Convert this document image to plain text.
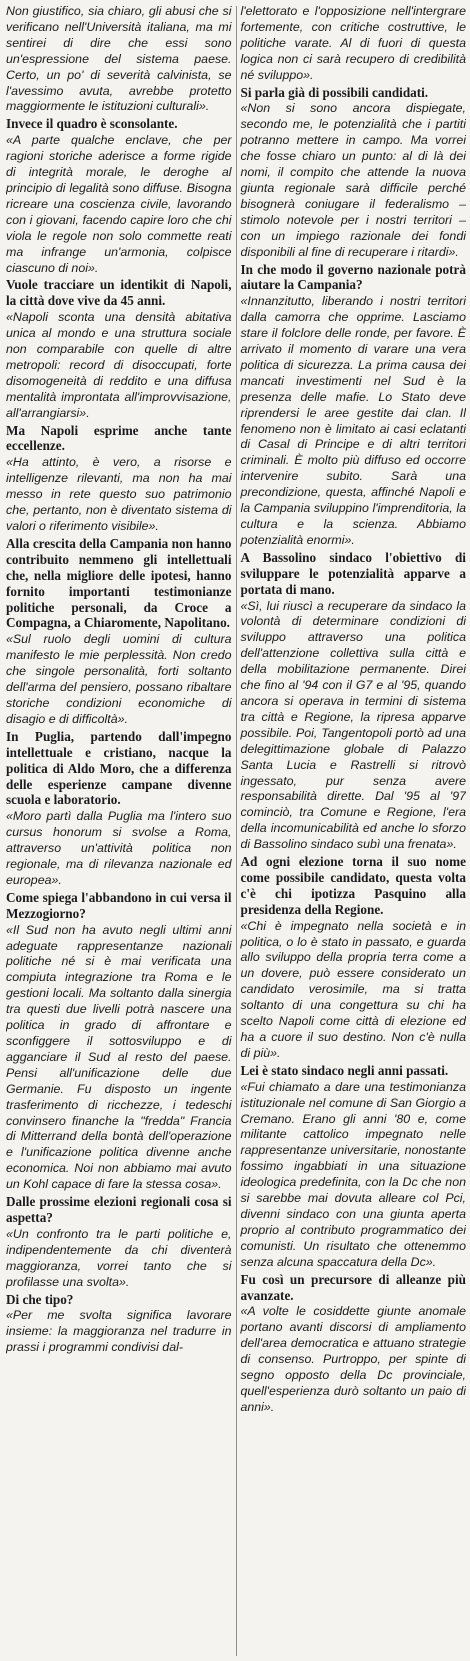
Non giustifico, sia chiaro, gli abusi che si verificano nell'Università italiana, ma mi sentirei di dire che essi sono un'espressione del sistema paese. Certo, un po' di severità calvinista, se l'avessimo avuta, avrebbe protetto maggiormente le istituzioni culturali».

Invece il quadro è sconsolante.

«A parte qualche enclave, che per ragioni storiche aderisce a forme rigide di integrità morale, le deroghe al principio di legalità sono diffuse. Bisogna ricreare una coscienza civile, lavorando con i giovani, facendo capire loro che chi viola le regole non solo commette reati ma infrange un'armonia, colpisce ciascuno di noi».

Vuole tracciare un identikit di Napoli, la città dove vive da 45 anni.

«Napoli sconta una densità abitativa unica al mondo e una struttura sociale non comparabile con quelle di altre metropoli: record di disoccupati, forte disomogeneità di reddito e una diffusa mentalità improntata all'improvvisazione, all'arrangiarsi».

Ma Napoli esprime anche tante eccellenze.

«Ha attinto, è vero, a risorse e intelligenze rilevanti, ma non ha mai messo in rete questo suo patrimonio che, pertanto, non è diventato sistema di valori o riferimento visibile».

Alla crescita della Campania non hanno contribuito nemmeno gli intellettuali che, nella migliore delle ipotesi, hanno fornito importanti testimonianze politiche personali, da Croce a Compagna, a Chiaromente, Napolitano.

«Sul ruolo degli uomini di cultura manifesto le mie perplessità. Non credo che singole personalità, forti soltanto dell'arma del pensiero, possano ribaltare storiche condizioni economiche di disagio e di difficoltà».

In Puglia, partendo dall'impegno intellettuale e cristiano, nacque la politica di Aldo Moro, che a differenza delle esperienze campane divenne scuola e laboratorio.

«Moro partì dalla Puglia ma l'intero suo cursus honorum si svolse a Roma, attraverso un'attività politica non regionale, ma di rilevanza nazionale ed europea».

Come spiega l'abbandono in cui versa il Mezzogiorno?

«Il Sud non ha avuto negli ultimi anni adeguate rappresentanze nazionali politiche né si è mai verificata una compiuta integrazione tra Roma e le gestioni locali. Ma soltanto dalla sinergia tra questi due livelli potrà nascere una politica in grado di affrontare e sconfiggere il sottosviluppo e di agganciare il Sud al resto del paese. Pensi all'unificazione delle due Germanie. Fu disposto un ingente trasferimento di ricchezze, i tedeschi convinsero finanche la "fredda" Francia di Mitterrand della bontà dell'operazione e l'unificazione politica divenne anche economica. Noi non abbiamo mai avuto un Kohl capace di fare la stessa cosa».

Dalle prossime elezioni regionali cosa si aspetta?

«Un confronto tra le parti politiche e, indipendentemente da chi diventerà maggioranza, vorrei tanto che si profilasse una svolta».

Di che tipo?

«Per me svolta significa lavorare insieme: la maggioranza nel tradurre in prassi i programmi condivisi dal-

l'elettorato e l'opposizione nell'intergrare fortemente, con critiche costruttive, le politiche varate. Al di fuori di questa logica non ci sarà recupero di credibilità né sviluppo».

Si parla già di possibili candidati.

«Non si sono ancora dispiegate, secondo me, le potenzialità che i partiti potranno mettere in campo. Ma vorrei che fosse chiaro un punto: al di là dei nomi, il compito che attende la nuova giunta regionale sarà difficile perché bisognerà coniugare il federalismo – stimolo notevole per i nostri territori – con un impiego razionale dei fondi disponibili al fine di recuperare i ritardi».

In che modo il governo nazionale potrà aiutare la Campania?

«Innanzitutto, liberando i nostri territori dalla camorra che opprime. Lasciamo stare il folclore delle ronde, per favore. È arrivato il momento di varare una vera politica di sicurezza. La prima causa dei mancati investimenti nel Sud è la presenza delle mafie. Lo Stato deve riprendersi le aree gestite dai clan. Il fenomeno non è limitato ai casi eclatanti di Casal di Principe e di altri territori criminali. È molto più diffuso ed occorre intervenire subito. Sarà una precondizione, questa, affinché Napoli e la Campania sviluppino l'imprenditoria, la cultura e la scienza. Abbiamo potenzialità enormi».

A Bassolino sindaco l'obiettivo di sviluppare le potenzialità apparve a portata di mano.

«Sì, lui riuscì a recuperare da sindaco la volontà di determinare condizioni di sviluppo attraverso una politica dell'attenzione collettiva sulla città e della mobilitazione permanente. Direi che fino al '94 con il G7 e al '95, quando ancora si operava in termini di sistema tra città e Regione, la ripresa apparve possibile. Poi, Tangentopoli portò ad una delegittimazione globale di Palazzo Santa Lucia e Rastrelli si ritrovò ingessato, pur senza avere responsabilità dirette. Dal '95 al '97 cominciò, tra Comune e Regione, l'era della incomunicabilità ed anche lo sforzo di Bassolino sindaco subì una frenata».

Ad ogni elezione torna il suo nome come possibile candidato, questa volta c'è chi ipotizza Pasquino alla presidenza della Regione.

«Chi è impegnato nella società e in politica, o lo è stato in passato, e guarda allo sviluppo della propria terra come a un dovere, può essere considerato un candidato verosimile, ma si tratta soltanto di una congettura su chi ha scelto Napoli come città di elezione ed ha a cuore il suo destino. Non c'è nulla di più».

Lei è stato sindaco negli anni passati.

«Fui chiamato a dare una testimonianza istituzionale nel comune di San Giorgio a Cremano. Erano gli anni '80 e, come militante cattolico impegnato nelle rappresentanze universitarie, nonostante fossimo ingabbiati in una situazione ideologica predefinita, con la Dc che non si sarebbe mai dovuta alleare col Pci, divenni sindaco con una giunta aperta proprio al contributo programmatico dei comunisti. Un risultato che ottenemmo senza alcuna spaccatura della Dc».

Fu così un precursore di alleanze più avanzate.

«A volte le cosiddette giunte anomale portano avanti discorsi di ampliamento dell'area democratica e attuano strategie di consenso. Purtroppo, per spinte di segno opposto della Dc provinciale, quell'esperienza durò soltanto un paio di anni».
